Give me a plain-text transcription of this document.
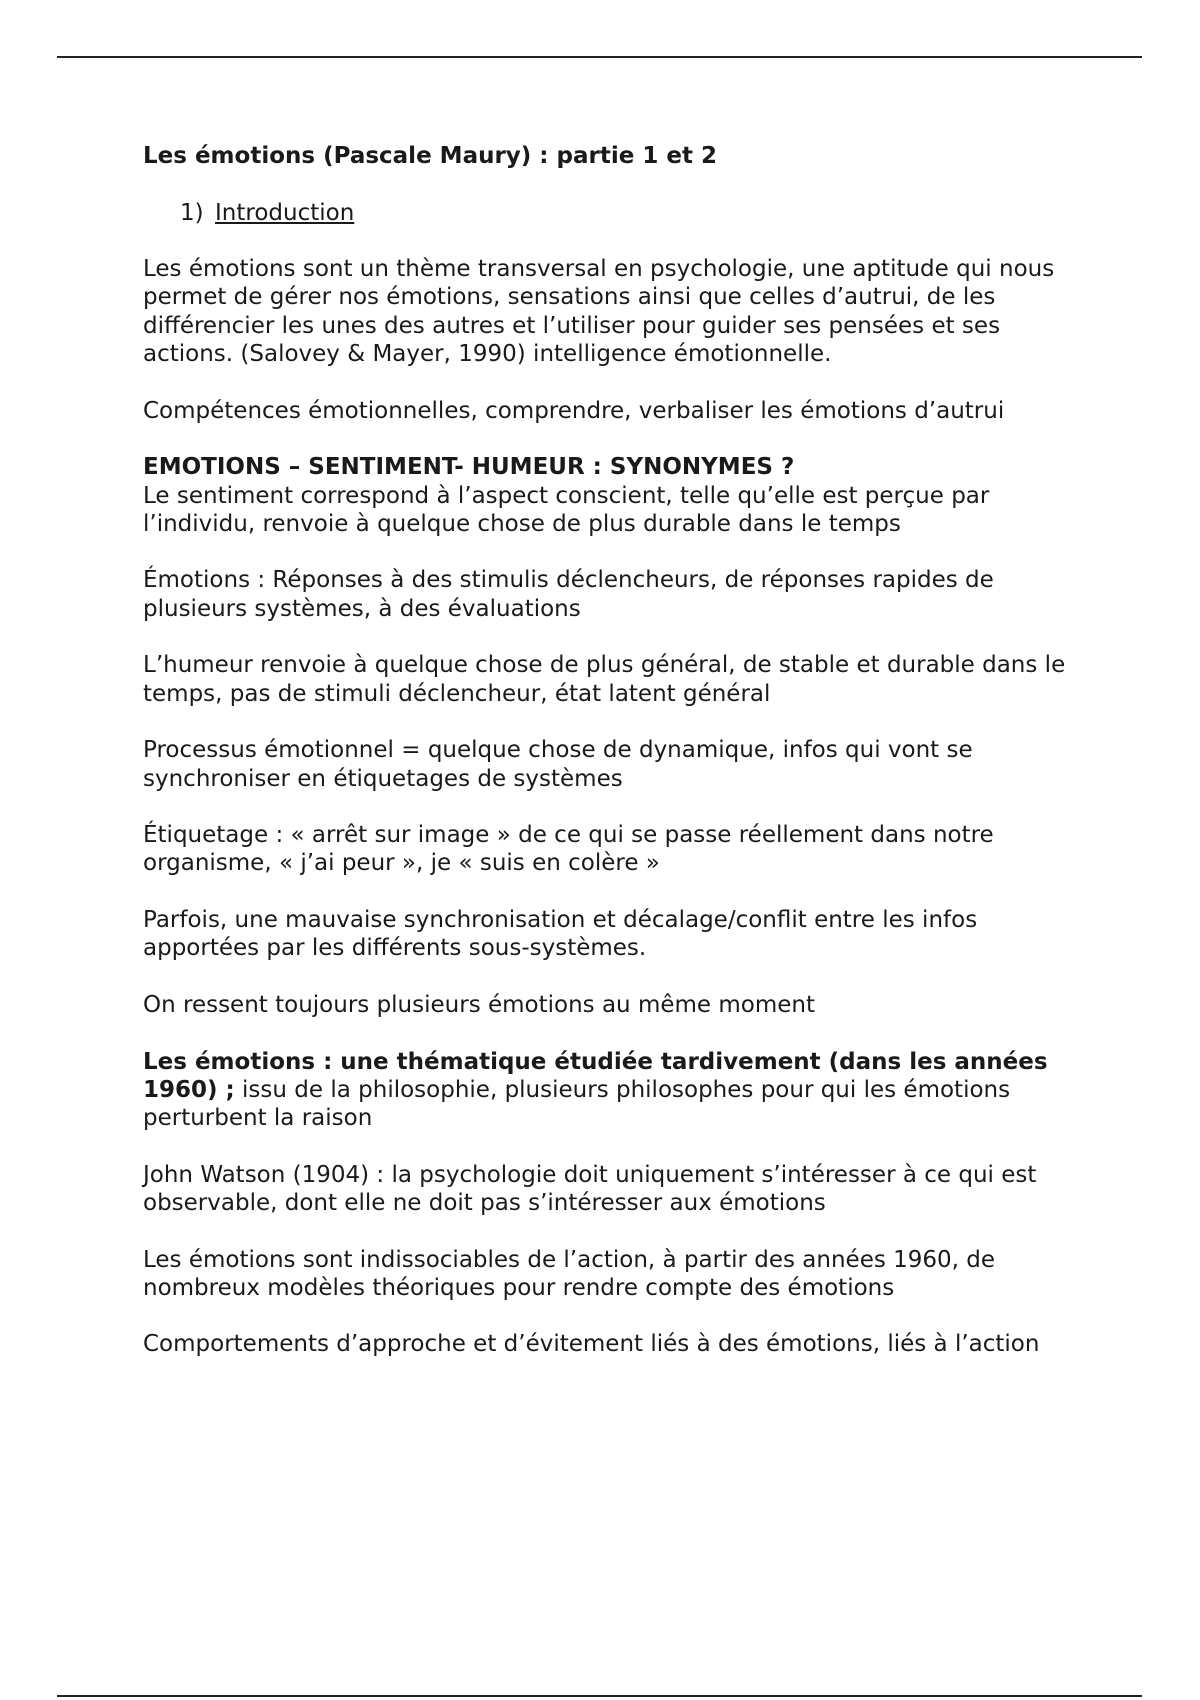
Les émotions (Pascale Maury) : partie 1 et 2

1) Introduction

Les émotions sont un thème transversal en psychologie, une aptitude qui nous permet de gérer nos émotions, sensations ainsi que celles d’autrui, de les différencier les unes des autres et l’utiliser pour guider ses pensées et ses actions. (Salovey & Mayer, 1990) intelligence émotionnelle.

Compétences émotionnelles, comprendre, verbaliser les émotions d’autrui

EMOTIONS – SENTIMENT- HUMEUR : SYNONYMES ?

Le sentiment correspond à l’aspect conscient, telle qu’elle est perçue par l’individu, renvoie à quelque chose de plus durable dans le temps

Émotions : Réponses à des stimulis déclencheurs, de réponses rapides de plusieurs systèmes, à des évaluations

L’humeur renvoie à quelque chose de plus général, de stable et durable dans le temps, pas de stimuli déclencheur, état latent général

Processus émotionnel = quelque chose de dynamique, infos qui vont se synchroniser en étiquetages de systèmes

Étiquetage : « arrêt sur image » de ce qui se passe réellement dans notre organisme, « j’ai peur », je « suis en colère »

Parfois, une mauvaise synchronisation et décalage/conflit entre les infos apportées par les différents sous-systèmes.

On ressent toujours plusieurs émotions au même moment

Les émotions : une thématique étudiée tardivement (dans les années 1960) ; issu de la philosophie, plusieurs philosophes pour qui les émotions perturbent la raison

John Watson (1904) : la psychologie doit uniquement s’intéresser à ce qui est observable, dont elle ne doit pas s’intéresser aux émotions

Les émotions sont indissociables de l’action, à partir des années 1960, de nombreux modèles théoriques pour rendre compte des émotions

Comportements d’approche et d’évitement liés à des émotions, liés à l’action
